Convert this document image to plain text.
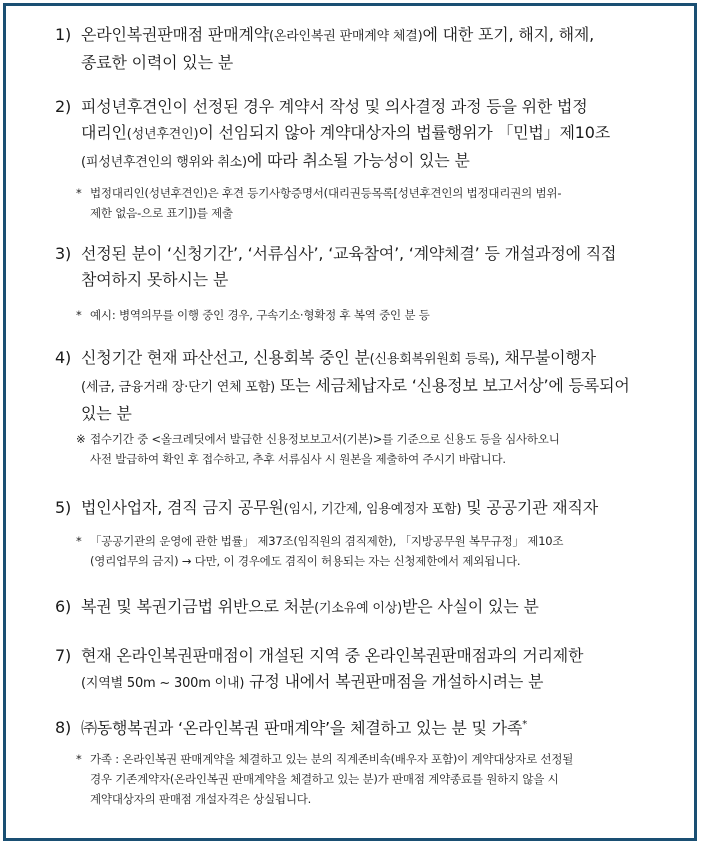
1) 온라인복권판매점 판매계약(온라인복권 판매계약 체결)에 대한 포기, 해지, 해제,
종료한 이력이 있는 분
2) 피성년후견인이 선정된 경우 계약서 작성 및 의사결정 과정 등을 위한 법정
대리인(성년후견인)이 선임되지 않아 계약대상자의 법률행위가 「민법」제10조
(피성년후견인의 행위와 취소)에 따라 취소될 가능성이 있는 분
* 법정대리인(성년후견인)은 후견 등기사항증명서(대리권등목록[성년후견인의 법정대리권의 범위-
제한 없음-으로 표기])를 제출
3) 선정된 분이 ‘신청기간’, ‘서류심사’, ‘교육참여’, ‘계약체결’ 등 개설과정에 직접
참여하지 못하시는 분
* 예시: 병역의무를 이행 중인 경우, 구속기소·형확정 후 복역 중인 분 등
4) 신청기간 현재 파산선고, 신용회복 중인 분(신용회복위원회 등록), 채무불이행자
(세금, 금융거래 장·단기 연체 포함) 또는 세금체납자로 ‘신용정보 보고서상’에 등록되어
있는 분
※ 접수기간 중 <올크레딧에서 발급한 신용정보보고서(기본)>를 기준으로 신용도 등을 심사하오니
사전 발급하여 확인 후 접수하고, 추후 서류심사 시 원본을 제출하여 주시기 바랍니다.
5) 법인사업자, 겸직 금지 공무원(임시, 기간제, 임용예정자 포함) 및 공공기관 재직자
* 「공공기관의 운영에 관한 법률」 제37조(임직원의 겸직제한), 「지방공무원 복무규정」 제10조
(영리업무의 금지) → 다만, 이 경우에도 겸직이 허용되는 자는 신청제한에서 제외됩니다.
6) 복권 및 복권기금법 위반으로 처분(기소유예 이상)받은 사실이 있는 분
7) 현재 온라인복권판매점이 개설된 지역 중 온라인복권판매점과의 거리제한
(지역별 50m ~ 300m 이내) 규정 내에서 복권판매점을 개설하시려는 분
8) ㈜동행복권과 ‘온라인복권 판매계약’을 체결하고 있는 분 및 가족*
* 가족 : 온라인복권 판매계약을 체결하고 있는 분의 직계존비속(배우자 포함)이 계약대상자로 선정될
경우 기존계약자(온라인복권 판매계약을 체결하고 있는 분)가 판매점 계약종료를 원하지 않을 시
계약대상자의 판매점 개설자격은 상실됩니다.
